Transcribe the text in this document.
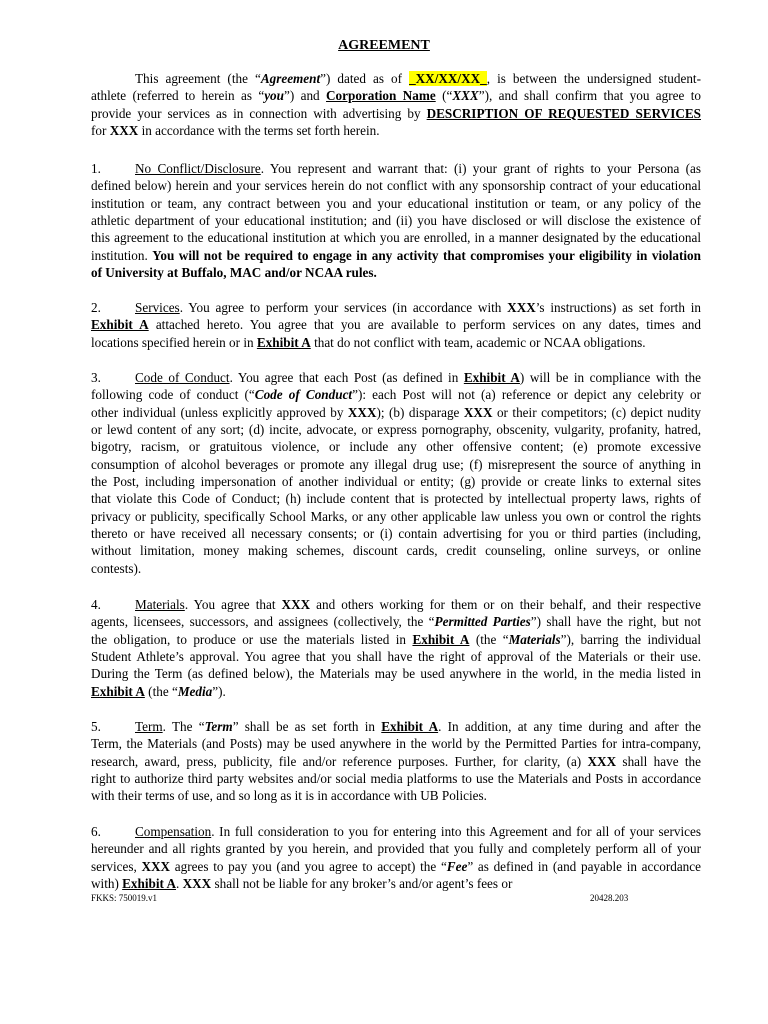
AGREEMENT
This agreement (the “Agreement”) dated as of _XX/XX/XX_, is between the undersigned student-
athlete (referred to herein as “you”) and Corporation Name (“XXX”), and shall confirm that you agree to
provide your services as in connection with advertising by DESCRIPTION OF REQUESTED SERVICES
for XXX in accordance with the terms set forth herein.
1.	No Conflict/Disclosure. You represent and warrant that: (i) your grant of rights to your Persona (as
defined below) herein and your services herein do not conflict with any sponsorship contract of your educational
institution or team, any contract between you and your educational institution or team, or any policy of the
athletic department of your educational institution; and (ii) you have disclosed or will disclose the existence of
this agreement to the educational institution at which you are enrolled, in a manner designated by the educational
institution. You will not be required to engage in any activity that compromises your eligibility in violation
of University at Buffalo, MAC and/or NCAA rules.
2.	Services. You agree to perform your services (in accordance with XXX’s instructions) as set forth in
Exhibit A attached hereto. You agree that you are available to perform services on any dates, times and
locations specified herein or in Exhibit A that do not conflict with team, academic or NCAA obligations.
3.	Code of Conduct. You agree that each Post (as defined in Exhibit A) will be in compliance with the
following code of conduct (“Code of Conduct”): each Post will not (a) reference or depict any celebrity or
other individual (unless explicitly approved by XXX); (b) disparage XXX or their competitors; (c) depict nudity
or lewd content of any sort; (d) incite, advocate, or express pornography, obscenity, vulgarity, profanity, hatred,
bigotry, racism, or gratuitous violence, or include any other offensive content; (e) promote excessive
consumption of alcohol beverages or promote any illegal drug use; (f) misrepresent the source of anything in
the Post, including impersonation of another individual or entity; (g) provide or create links to external sites
that violate this Code of Conduct; (h) include content that is protected by intellectual property laws, rights of
privacy or publicity, specifically School Marks, or any other applicable law unless you own or control the rights
thereto or have received all necessary consents; or (i) contain advertising for you or third parties (including,
without limitation, money making schemes, discount cards, credit counseling, online surveys, or online
contests).
4.	Materials. You agree that XXX and others working for them or on their behalf, and their respective
agents, licensees, successors, and assignees (collectively, the “Permitted Parties”) shall have the right, but not
the obligation, to produce or use the materials listed in Exhibit A (the “Materials”), barring the individual
Student Athlete’s approval. You agree that you shall have the right of approval of the Materials or their use.
During the Term (as defined below), the Materials may be used anywhere in the world, in the media listed in
Exhibit A (the “Media”).
5.	Term. The “Term” shall be as set forth in Exhibit A. In addition, at any time during and after the
Term, the Materials (and Posts) may be used anywhere in the world by the Permitted Parties for intra-company,
research, award, press, publicity, file and/or reference purposes. Further, for clarity, (a) XXX shall have the
right to authorize third party websites and/or social media platforms to use the Materials and Posts in accordance
with their terms of use, and so long as it is in accordance with UB Policies.
6.	Compensation. In full consideration to you for entering into this Agreement and for all of your services
hereunder and all rights granted by you herein, and provided that you fully and completely perform all of your
services, XXX agrees to pay you (and you agree to accept) the “Fee” as defined in (and payable in accordance
with) Exhibit A. XXX shall not be liable for any broker’s and/or agent’s fees or
FKKS: 750019.v1	20428.203
